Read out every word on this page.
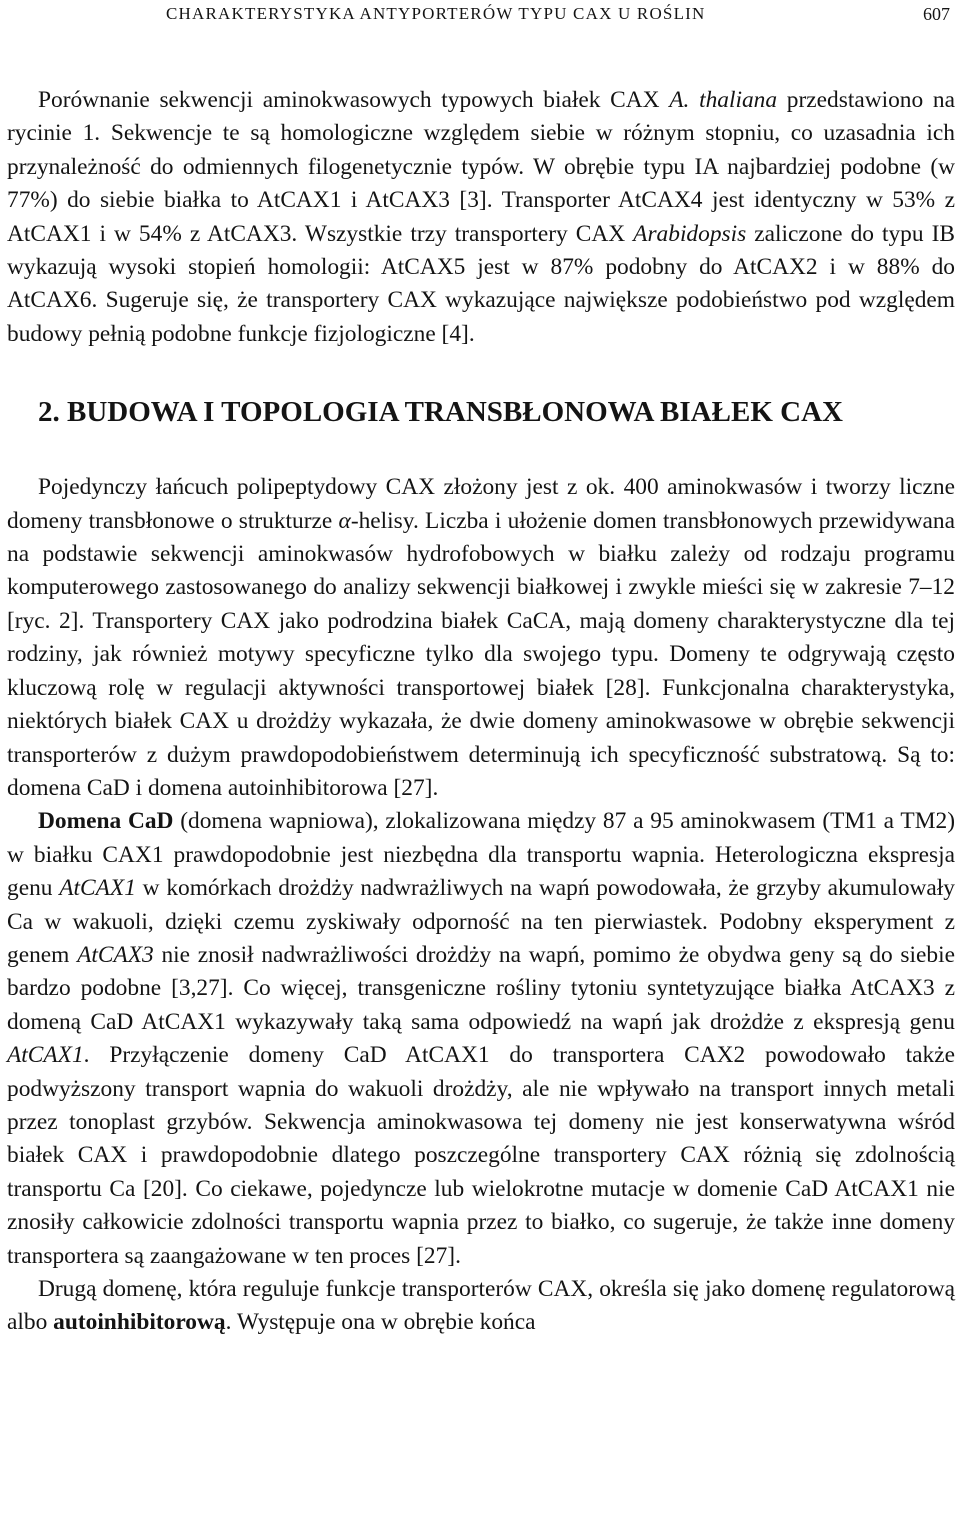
CHARAKTERYSTYKA ANTYPORTERÓW TYPU CAX U ROŚLIN	607

Porównanie sekwencji aminokwasowych typowych białek CAX A. thaliana przedstawiono na rycinie 1. Sekwencje te są homologiczne względem siebie w różnym stopniu, co uzasadnia ich przynależność do odmiennych filogenetycznie typów. W obrębie typu IA najbardziej podobne (w 77%) do siebie białka to AtCAX1 i AtCAX3 [3]. Transporter AtCAX4 jest identyczny w 53% z AtCAX1 i w 54% z AtCAX3. Wszystkie trzy transportery CAX Arabidopsis zaliczone do typu IB wykazują wysoki stopień homologii: AtCAX5 jest w 87% podobny do AtCAX2 i w 88% do AtCAX6. Sugeruje się, że transportery CAX wykazujące największe podobieństwo pod względem budowy pełnią podobne funkcje fizjologiczne [4].

2. BUDOWA I TOPOLOGIA TRANSBŁONOWA BIAŁEK CAX

Pojedynczy łańcuch polipeptydowy CAX złożony jest z ok. 400 aminokwasów i tworzy liczne domeny transbłonowe o strukturze α-helisy. Liczba i ułożenie domen transbłonowych przewidywana na podstawie sekwencji aminokwasów hydrofobowych w białku zależy od rodzaju programu komputerowego zastosowanego do analizy sekwencji białkowej i zwykle mieści się w zakresie 7–12 [ryc. 2]. Transportery CAX jako podrodzina białek CaCA, mają domeny charakterystyczne dla tej rodziny, jak również motywy specyficzne tylko dla swojego typu. Domeny te odgrywają często kluczową rolę w regulacji aktywności transportowej białek [28]. Funkcjonalna charakterystyka, niektórych białek CAX u drożdży wykazała, że dwie domeny aminokwasowe w obrębie sekwencji transporterów z dużym prawdopodobieństwem determinują ich specyficzność substratową. Są to: domena CaD i domena autoinhibitorowa [27].

Domena CaD (domena wapniowa), zlokalizowana między 87 a 95 aminokwasem (TM1 a TM2) w białku CAX1 prawdopodobnie jest niezbędna dla transportu wapnia. Heterologiczna ekspresja genu AtCAX1 w komórkach drożdży nadwrażliwych na wapń powodowała, że grzyby akumulowały Ca w wakuoli, dzięki czemu zyskiwały odporność na ten pierwiastek. Podobny eksperyment z genem AtCAX3 nie znosił nadwrażliwości drożdży na wapń, pomimo że obydwa geny są do siebie bardzo podobne [3,27]. Co więcej, transgeniczne rośliny tytoniu syntetyzujące białka AtCAX3 z domeną CaD AtCAX1 wykazywały taką sama odpowiedź na wapń jak drożdże z ekspresją genu AtCAX1. Przyłączenie domeny CaD AtCAX1 do transportera CAX2 powodowało także podwyższony transport wapnia do wakuoli drożdży, ale nie wpływało na transport innych metali przez tonoplast grzybów. Sekwencja aminokwasowa tej domeny nie jest konserwatywna wśród białek CAX i prawdopodobnie dlatego poszczególne transportery CAX różnią się zdolnością transportu Ca [20]. Co ciekawe, pojedyncze lub wielokrotne mutacje w domenie CaD AtCAX1 nie znosiły całkowicie zdolności transportu wapnia przez to białko, co sugeruje, że także inne domeny transportera są zaangażowane w ten proces [27].

Drugą domenę, która reguluje funkcje transporterów CAX, określa się jako domenę regulatorową albo autoinhibitorową. Występuje ona w obrębie końca
